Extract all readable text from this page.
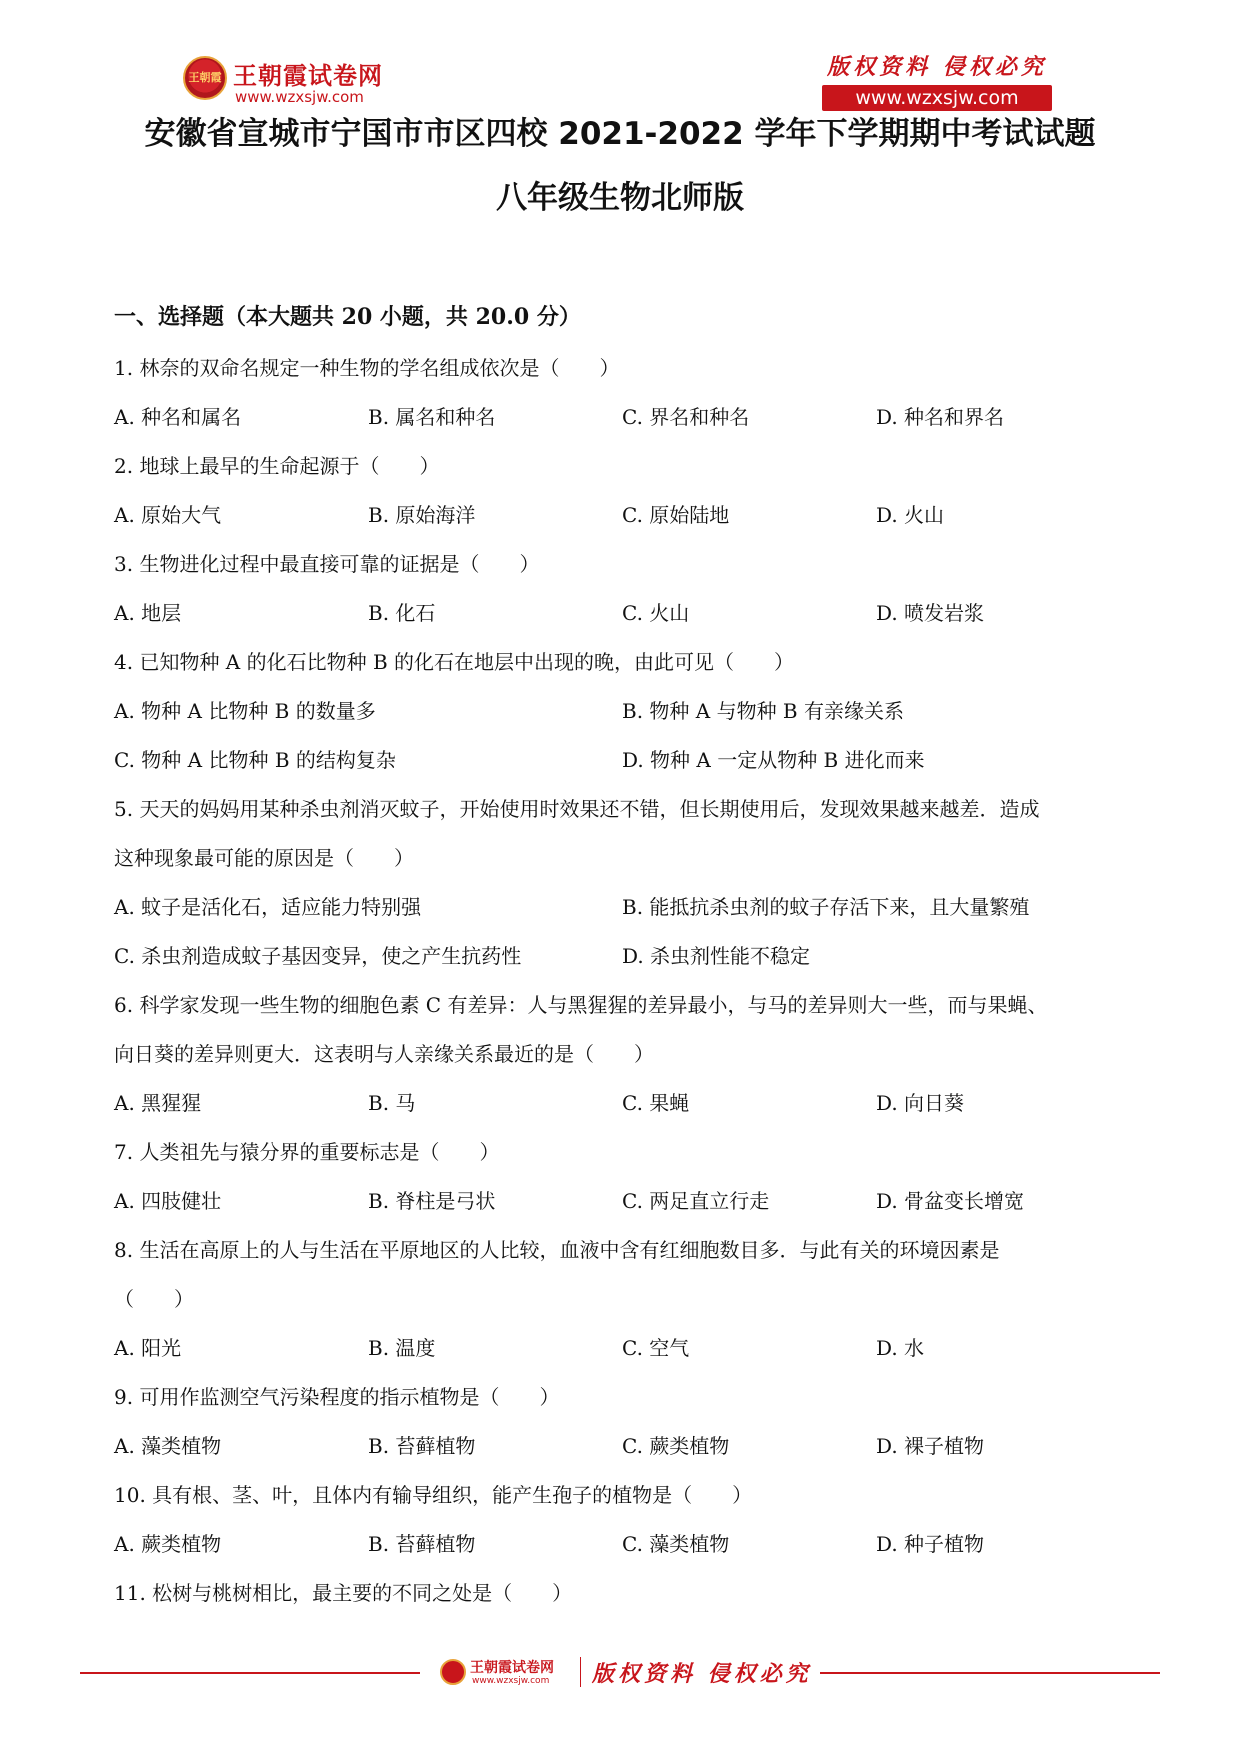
王朝霞 王朝霞试卷网
www.wzxsjw.com
版权资料 侵权必究
www.wzxsjw.com
安徽省宣城市宁国市市区四校 2021-2022 学年下学期期中考试试题
八年级生物北师版
一、选择题（本大题共 20 小题，共 20.0 分）
1. 林奈的双命名规定一种生物的学名组成依次是（　　）
A. 种名和属名	B. 属名和种名	C. 界名和种名	D. 种名和界名
2. 地球上最早的生命起源于（　　）
A. 原始大气	B. 原始海洋	C. 原始陆地	D. 火山
3. 生物进化过程中最直接可靠的证据是（　　）
A. 地层	B. 化石	C. 火山	D. 喷发岩浆
4. 已知物种 A 的化石比物种 B 的化石在地层中出现的晚，由此可见（　　）
A. 物种 A 比物种 B 的数量多	B. 物种 A 与物种 B 有亲缘关系
C. 物种 A 比物种 B 的结构复杂	D. 物种 A 一定从物种 B 进化而来
5. 天天的妈妈用某种杀虫剂消灭蚊子，开始使用时效果还不错，但长期使用后，发现效果越来越差．造成
这种现象最可能的原因是（　　）
A. 蚊子是活化石，适应能力特别强	B. 能抵抗杀虫剂的蚊子存活下来，且大量繁殖
C. 杀虫剂造成蚊子基因变异，使之产生抗药性	D. 杀虫剂性能不稳定
6. 科学家发现一些生物的细胞色素 C 有差异：人与黑猩猩的差异最小，与马的差异则大一些，而与果蝇、
向日葵的差异则更大．这表明与人亲缘关系最近的是（　　）
A. 黑猩猩	B. 马	C. 果蝇	D. 向日葵
7. 人类祖先与猿分界的重要标志是（　　）
A. 四肢健壮	B. 脊柱是弓状	C. 两足直立行走	D. 骨盆变长增宽
8. 生活在高原上的人与生活在平原地区的人比较，血液中含有红细胞数目多．与此有关的环境因素是
（　　）
A. 阳光	B. 温度	C. 空气	D. 水
9. 可用作监测空气污染程度的指示植物是（　　）
A. 藻类植物	B. 苔藓植物	C. 蕨类植物	D. 裸子植物
10. 具有根、茎、叶，且体内有输导组织，能产生孢子的植物是（　　）
A. 蕨类植物	B. 苔藓植物	C. 藻类植物	D. 种子植物
11. 松树与桃树相比，最主要的不同之处是（　　）
王朝霞试卷网
www.wzxsjw.com 版权资料 侵权必究
